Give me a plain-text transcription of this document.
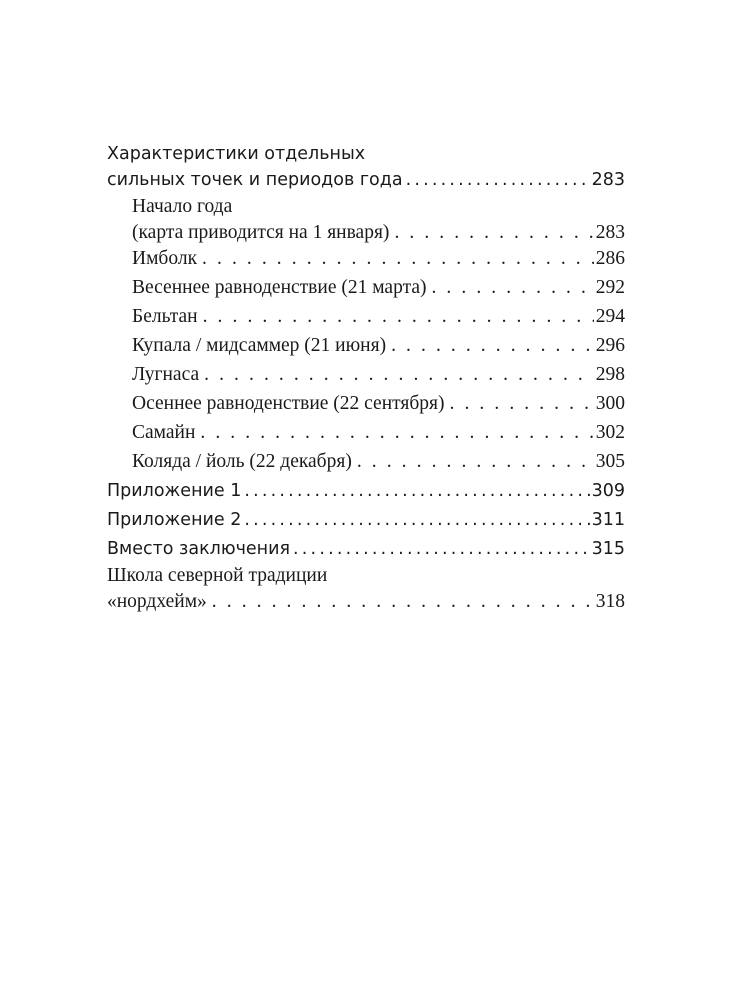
Характеристики отдельных
сильных точек и периодов года .....	283
Начало года
(карта приводится на 1 января) . . .	283
Имболк . . .	286
Весеннее равноденствие (21 марта) . . .	292
Бельтан . . .	294
Купала / мидсаммер (21 июня) . . .	296
Лугнаса . . .	298
Осеннее равноденствие (22 сентября) . . .	300
Самайн . . .	302
Коляда / йоль (22 декабря) . . .	305
Приложение 1 .....	309
Приложение 2 .....	311
Вместо заключения .....	315
Школа северной традиции
«нордхейм» . . .	318
